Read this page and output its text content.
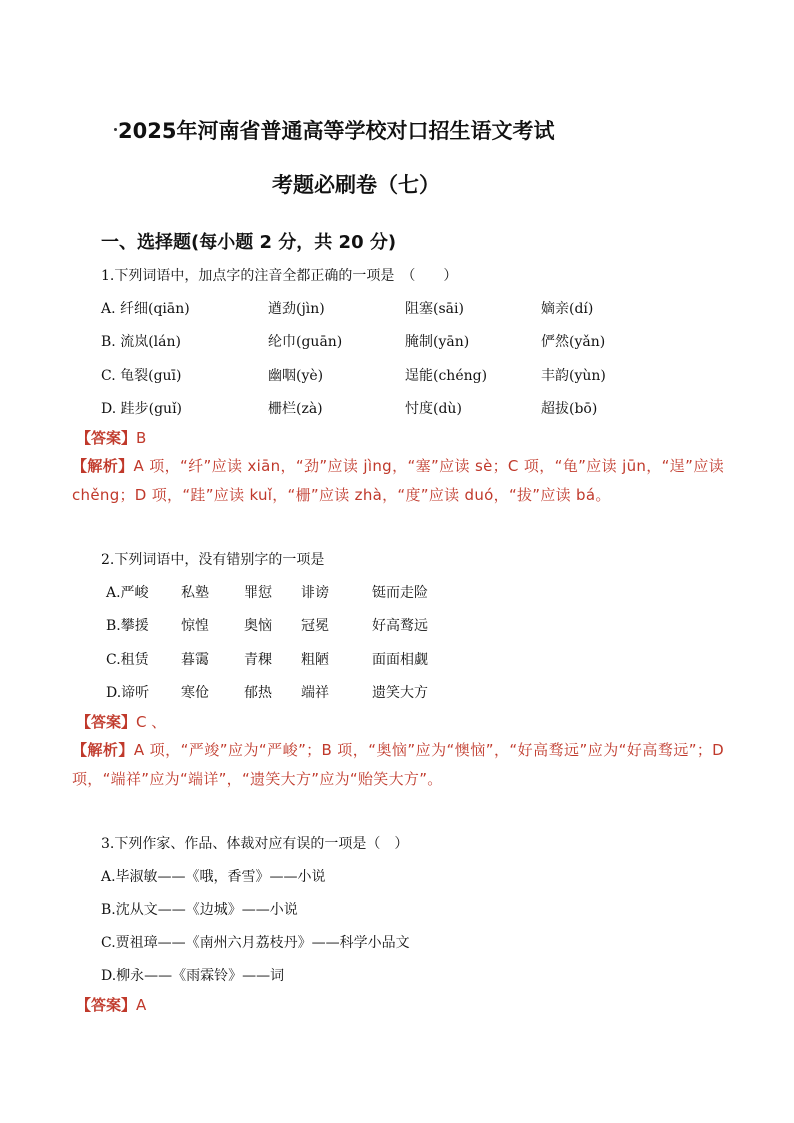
2025年河南省普通高等学校对口招生语文考试
考题必刷卷（七）
一、选择题(每小题 2 分，共 20 分)
1.下列词语中，加点字的注音全都正确的一项是　（　　）
A. 纤细(qiān)	遒劲(jìn)	阻塞(sāi)	嫡亲(dí)
B. 流岚(lán)	纶巾(guān)	腌制(yān)	俨然(yǎn)
C. 龟裂(guī)	幽咽(yè)	逞能(chéng)	丰韵(yùn)
D. 跬步(guǐ)	栅栏(zà)	忖度(dù)	超拔(bō)
【答案】B
【解析】A 项，“纤”应读 xiān，“劲”应读 jìng，“塞”应读 sè；C 项，“龟”应读 jūn，“逞”应读 chěng；D 项，“跬”应读 kuǐ，“栅”应读 zhà，“度”应读 duó，“拔”应读 bá。
2.下列词语中，没有错别字的一项是
A.严峻 私塾	罪愆 诽谤	铤而走险
B.攀援 惊惶	奥恼 冠冕	好高鹜远
C.租赁 暮霭	青稞 粗陋	面面相觑
D.谛听 寒伧	郁热 端祥	遗笑大方
【答案】C 、
【解析】A 项，“严竣”应为“严峻”；B 项，“奥恼”应为“懊恼”，“好高骛远”应为“好高骛远”；D 项，“端祥”应为“端详”，“遗笑大方”应为“贻笑大方”。
3.下列作家、作品、体裁对应有误的一项是（　）
A.毕淑敏——《哦，香雪》——小说
B.沈从文——《边城》——小说
C.贾祖璋——《南州六月荔枝丹》——科学小品文
D.柳永——《雨霖铃》——词
【答案】A
